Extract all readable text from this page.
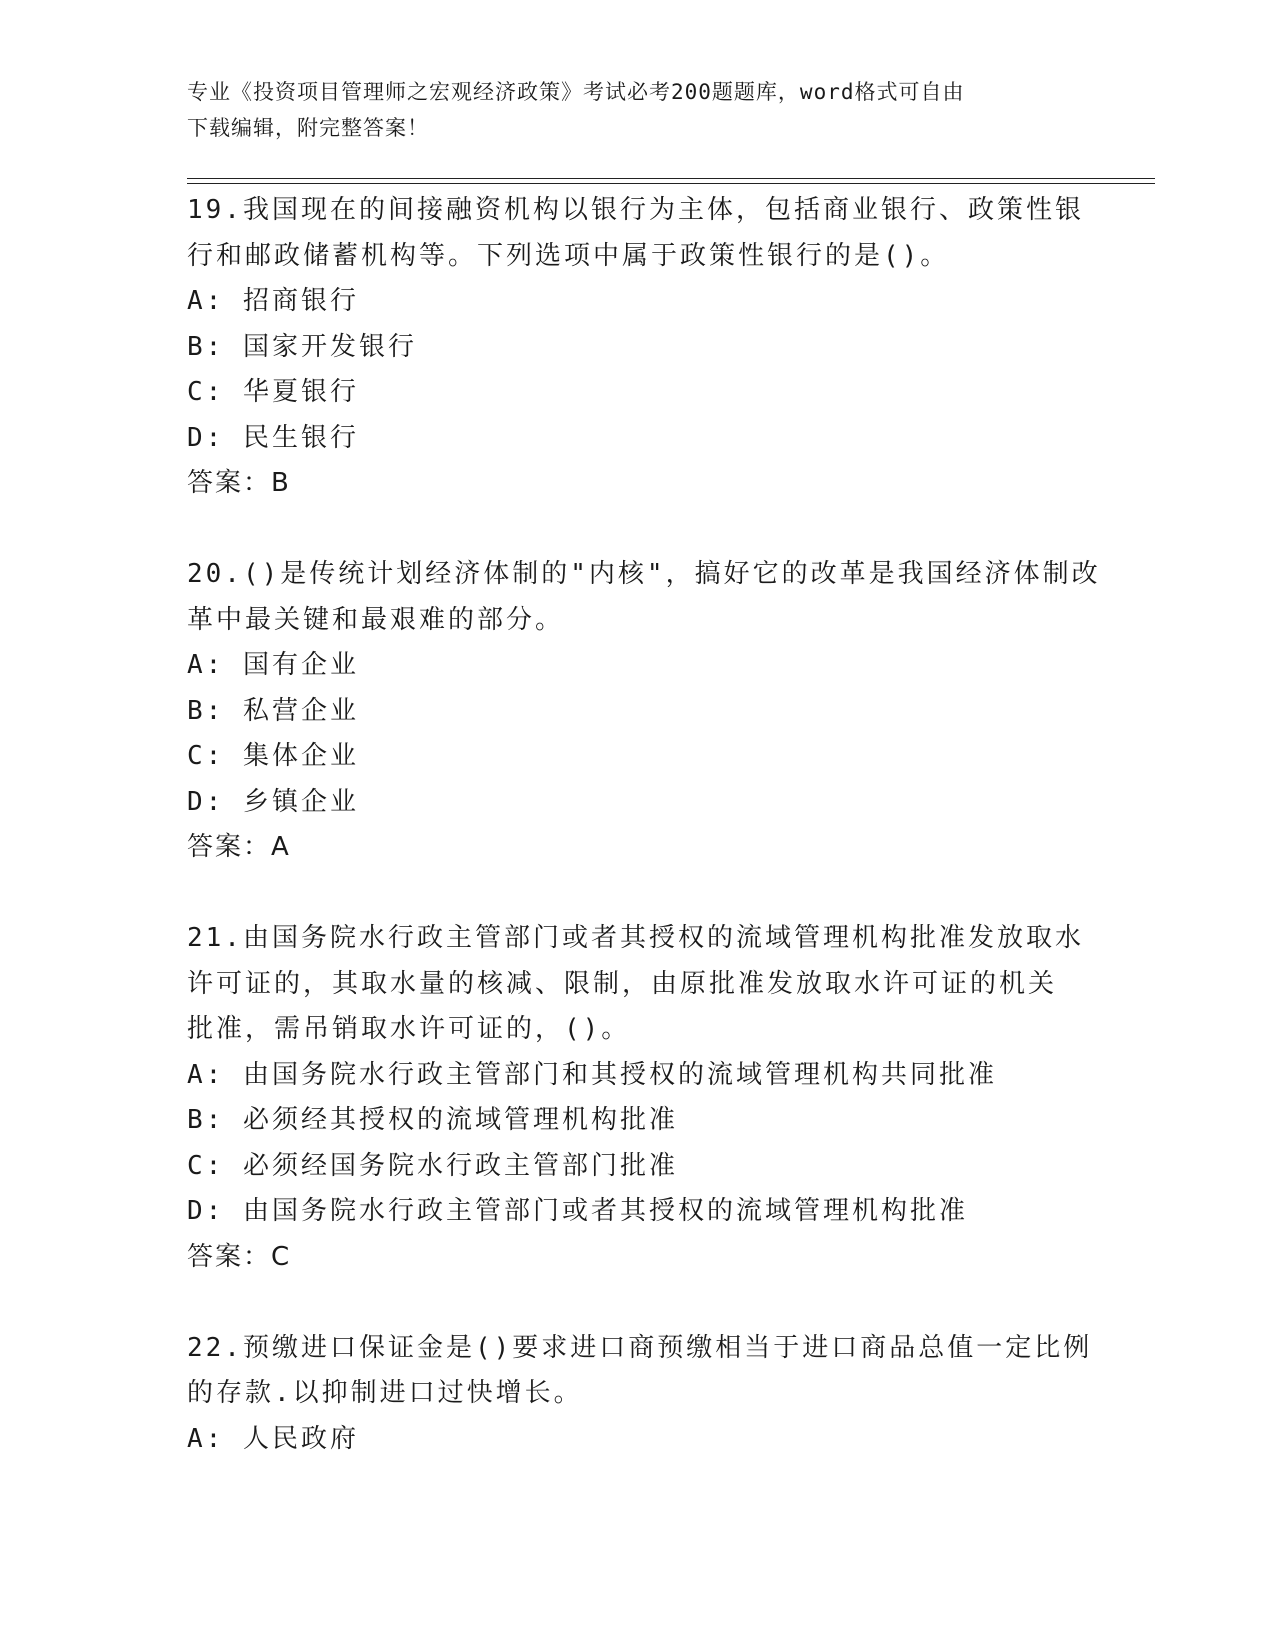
专业《投资项目管理师之宏观经济政策》考试必考200题题库，word格式可自由
下载编辑，附完整答案！
19.我国现在的间接融资机构以银行为主体，包括商业银行、政策性银
行和邮政储蓄机构等。下列选项中属于政策性银行的是()。
A: 招商银行
B: 国家开发银行
C: 华夏银行
D: 民生银行
答案：B
20.()是传统计划经济体制的"内核"，搞好它的改革是我国经济体制改
革中最关键和最艰难的部分。
A: 国有企业
B: 私营企业
C: 集体企业
D: 乡镇企业
答案：A
21.由国务院水行政主管部门或者其授权的流域管理机构批准发放取水
许可证的，其取水量的核减、限制，由原批准发放取水许可证的机关
批准，需吊销取水许可证的，()。
A: 由国务院水行政主管部门和其授权的流域管理机构共同批准
B: 必须经其授权的流域管理机构批准
C: 必须经国务院水行政主管部门批准
D: 由国务院水行政主管部门或者其授权的流域管理机构批准
答案：C
22.预缴进口保证金是()要求进口商预缴相当于进口商品总值一定比例
的存款.以抑制进口过快增长。
A: 人民政府
